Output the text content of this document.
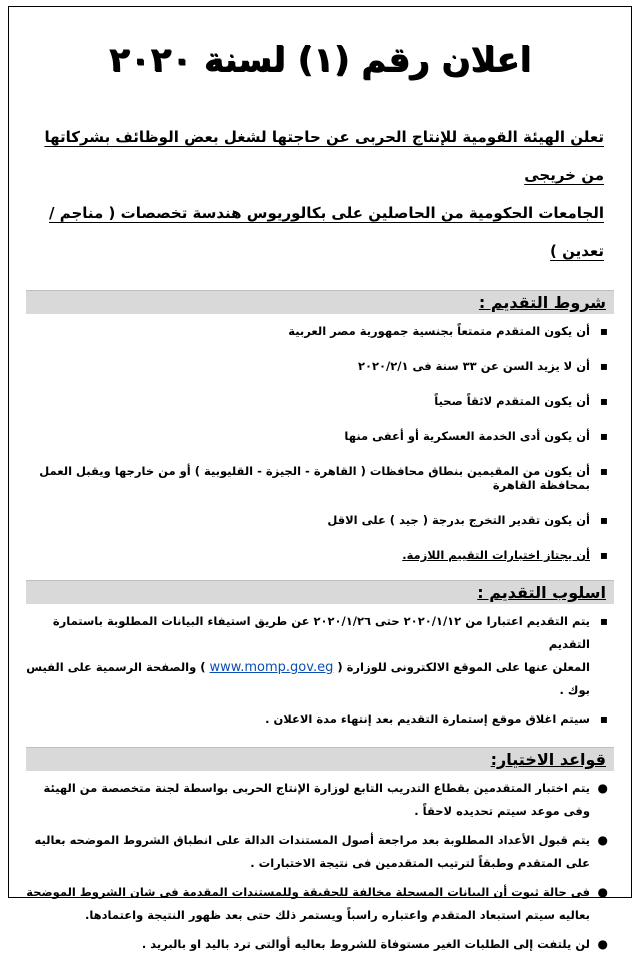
اعلان رقم (١) لسنة ٢٠٢٠
تعلن الهيئة القومية للإنتاج الحربى عن حاجتها لشغل بعض الوظائف بشركاتها من خريجى
الجامعات الحكومية من الحاصلين على بكالوريوس هندسة تخصصات ( مناجم / تعدين )
شروط التقديم :
▪
أن يكون المتقدم متمتعاً بجنسية جمهورية مصر العربية
▪
أن لا يزيد السن عن ٣٣ سنة فى ٢٠٢٠/٢/١
▪
أن يكون المتقدم لائقاً صحياً
▪
أن يكون أدى الخدمة العسكرية أو أعفى منها
▪
أن يكون من المقيمين بنطاق محافظات ( القاهرة - الجيزة - القليوبية ) أو من خارجها ويقبل العمل بمحافظة القاهرة
▪
أن يكون تقدير التخرج بدرجة ( جيد ) على الاقل
▪
أن يجتاز اختبارات التقييم اللازمة.
اسلوب التقديم :
▪
يتم التقديم اعتبارا من ٢٠٢٠/١/١٢ حتى ٢٠٢٠/١/٢٦ عن طريق استيفاء البيانات المطلوبة باستمارة التقديم
المعلن عنها على الموقع الالكترونى للوزارة ( www.momp.gov.eg ) والصفحة الرسمية على الفيس بوك .
▪
سيتم اغلاق موقع إستمارة التقديم بعد إنتهاء مدة الاعلان .
قواعد الاختيار:
●
يتم اختبار المتقدمين بقطاع التدريب التابع لوزارة الإنتاج الحربى بواسطة لجنة متخصصة من الهيئة وفى موعد سيتم تحديده لاحقاً .
●
يتم قبول الأعداد المطلوبة بعد مراجعة أصول المستندات الدالة على انطباق الشروط الموضحه بعاليه على المتقدم وطبقاً لترتيب المتقدمين فى نتيجة الاختبارات .
●
فى حالة ثبوت أن البيانات المسجلة مخالفة للحقيقة وللمستندات المقدمة فى شان الشروط الموضحة بعاليه سيتم استبعاد المتقدم واعتباره راسباً ويستمر ذلك حتى بعد ظهور النتيجة واعتمادها.
●
لن يلتفت إلى الطلبات الغير مستوفاة للشروط بعاليه أوالتى ترد باليد او بالبريد .
